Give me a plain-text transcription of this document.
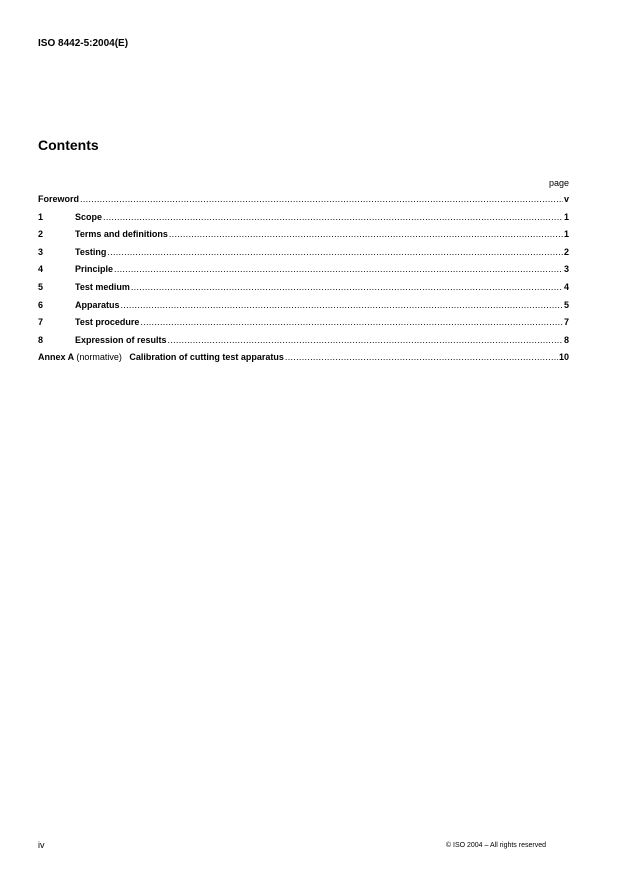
ISO 8442-5:2004(E)
Contents
page
Foreword .....	v
1	Scope .....	1
2	Terms and definitions .....	1
3	Testing .....	2
4	Principle .....	3
5	Test medium .....	4
6	Apparatus .....	5
7	Test procedure .....	7
8	Expression of results .....	8
Annex A (normative) Calibration of cutting test apparatus .....	10
iv	© ISO 2004 – All rights reserved
